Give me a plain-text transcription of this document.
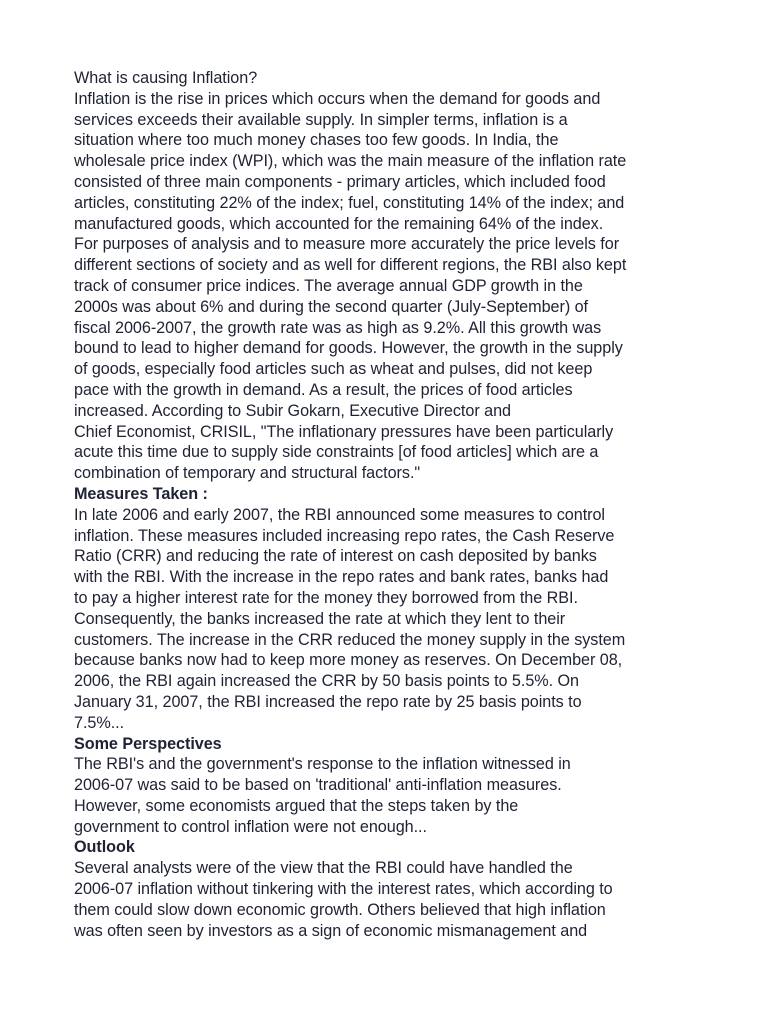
What is causing Inflation?
Inflation is the rise in prices which occurs when the demand for goods and
services exceeds their available supply. In simpler terms, inflation is a
situation where too much money chases too few goods. In India, the
wholesale price index (WPI), which was the main measure of the inflation rate
consisted of three main components - primary articles, which included food
articles, constituting 22% of the index; fuel, constituting 14% of the index; and
manufactured goods, which accounted for the remaining 64% of the index.
For purposes of analysis and to measure more accurately the price levels for
different sections of society and as well for different regions, the RBI also kept
track of consumer price indices. The average annual GDP growth in the
2000s was about 6% and during the second quarter (July-September) of
fiscal 2006-2007, the growth rate was as high as 9.2%. All this growth was
bound to lead to higher demand for goods. However, the growth in the supply
of goods, especially food articles such as wheat and pulses, did not keep
pace with the growth in demand. As a result, the prices of food articles
increased. According to Subir Gokarn, Executive Director and
Chief Economist, CRISIL, "The inflationary pressures have been particularly
acute this time due to supply side constraints [of food articles] which are a
combination of temporary and structural factors."
Measures Taken :
In late 2006 and early 2007, the RBI announced some measures to control
inflation. These measures included increasing repo rates, the Cash Reserve
Ratio (CRR) and reducing the rate of interest on cash deposited by banks
with the RBI. With the increase in the repo rates and bank rates, banks had
to pay a higher interest rate for the money they borrowed from the RBI.
Consequently, the banks increased the rate at which they lent to their
customers. The increase in the CRR reduced the money supply in the system
because banks now had to keep more money as reserves. On December 08,
2006, the RBI again increased the CRR by 50 basis points to 5.5%. On
January 31, 2007, the RBI increased the repo rate by 25 basis points to
7.5%...
Some Perspectives
The RBI's and the government's response to the inflation witnessed in
2006-07 was said to be based on 'traditional' anti-inflation measures.
However, some economists argued that the steps taken by the
government to control inflation were not enough...
Outlook
Several analysts were of the view that the RBI could have handled the
2006-07 inflation without tinkering with the interest rates, which according to
them could slow down economic growth. Others believed that high inflation
was often seen by investors as a sign of economic mismanagement and
